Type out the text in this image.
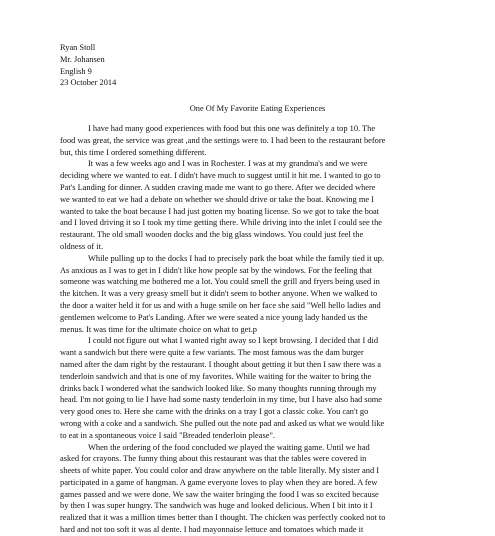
Ryan Stoll

Mr. Johansen

English 9

23 October 2014

One Of My Favorite Eating Experiences

I have had many good experiences with food but this one was definitely a top 10. The
food was great, the service was great ,and the settings were to. I had been to the restaurant before
but, this time I ordered something different.
It was a few weeks ago and I was in Rochester. I was at my grandma's and we were
deciding where we wanted to eat. I didn't have much to suggest until it hit me. I wanted to go to
Pat's Landing for dinner. A sudden craving made me want to go there. After we decided where
we wanted to eat we had a debate on whether we should drive or take the boat. Knowing me I
wanted to take the boat because I had just gotten my boating license. So we got to take the boat
and I loved driving it so I took my time getting there. While driving into the inlet I could see the
restaurant. The old small wooden docks and the big glass windows. You could just feel the
oldness of it.
While pulling up to the docks I had to precisely park the boat while the family tied it up.
As anxious as I was to get in I didn't like how people sat by the windows. For the feeling that
someone was watching me bothered me a lot. You could smell the grill and fryers being used in
the kitchen. It was a very greasy smell but it didn't seem to bother anyone. When we walked to
the door a waiter held it for us and with a huge smile on her face she said "Well hello ladies and
gentlemen welcome to Pat's Landing. After we were seated a nice young lady handed us the
menus. It was time for the ultimate choice on what to get.p
I could not figure out what I wanted right away so I kept browsing. I decided that I did
want a sandwich but there were quite a few variants. The most famous was the dam burger
named after the dam right by the restaurant. I thought about getting it but then I saw there was a
tenderloin sandwich and that is one of my favorites. While waiting for the waiter to bring the
drinks back I wondered what the sandwich looked like. So many thoughts running through my
head. I'm not going to lie I have had some nasty tenderloin in my time, but I have also had some
very good ones to. Here she came with the drinks on a tray I got a classic coke. You can't go
wrong with a coke and a sandwich. She pulled out the note pad and asked us what we would like
to eat in a spontaneous voice I said "Breaded tenderloin please".
When the ordering of the food concluded we played the waiting game. Until we had
asked for crayons. The funny thing about this restaurant was that the tables were covered in
sheets of white paper. You could color and draw anywhere on the table literally. My sister and I
participated in a game of hangman. A game everyone loves to play when they are bored. A few
games passed and we were done. We saw the waiter bringing the food I was so excited because
by then I was super hungry. The sandwich was huge and looked delicious. When I bit into it I
realized that it was a million times better than I thought. The chicken was perfectly cooked not to
hard and not too soft it was al dente. I had mayonnaise lettuce and tomatoes which made it
